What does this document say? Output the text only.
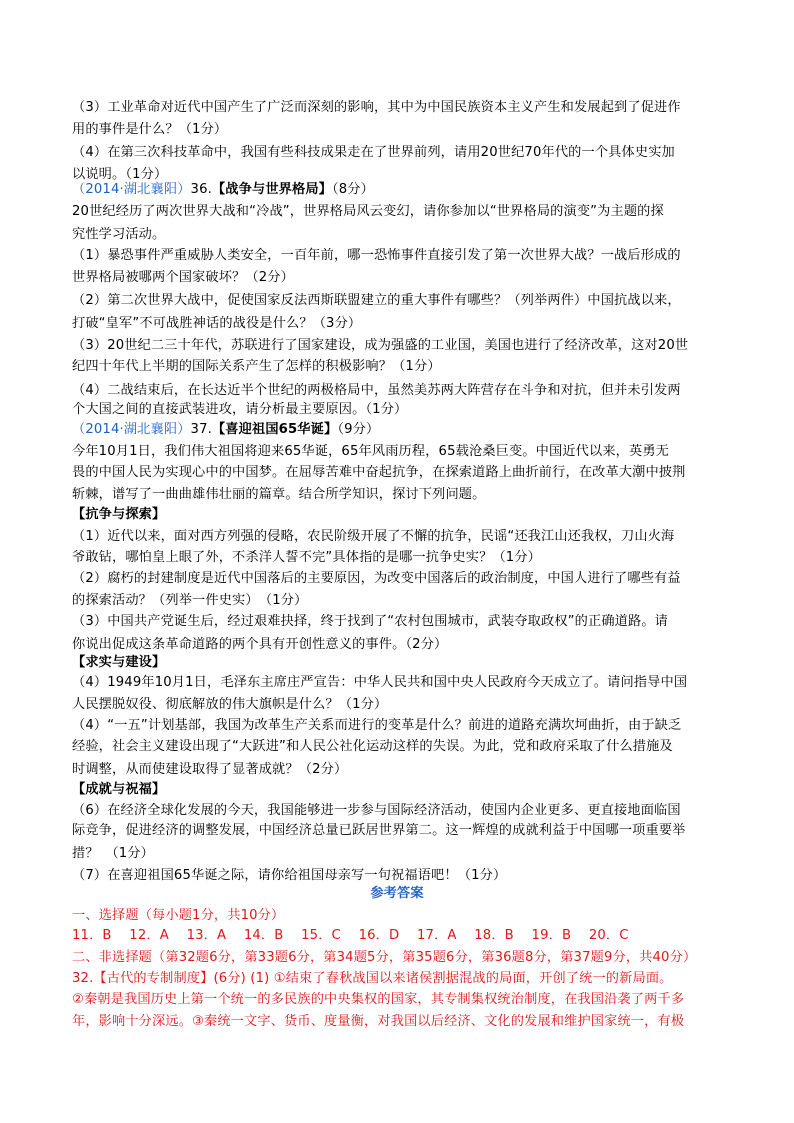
（3）工业革命对近代中国产生了广泛而深刻的影响，其中为中国民族资本主义产生和发展起到了促进作
用的事件是什么？（1分）
（4）在第三次科技革命中，我国有些科技成果走在了世界前列，请用20世纪70年代的一个具体史实加
以说明。（1分）
（2014·湖北襄阳）36.【战争与世界格局】（8分）
20世纪经历了两次世界大战和“冷战”，世界格局风云变幻，请你参加以“世界格局的演变”为主题的探
究性学习活动。
（1）暴恐事件严重威胁人类安全，一百年前，哪一恐怖事件直接引发了第一次世界大战？一战后形成的
世界格局被哪两个国家破坏？（2分）
（2）第二次世界大战中，促使国家反法西斯联盟建立的重大事件有哪些？（列举两件）中国抗战以来，
打破“皇军”不可战胜神话的战役是什么？（3分）
（3）20世纪二三十年代，苏联进行了国家建设，成为强盛的工业国，美国也进行了经济改革，这对20世
纪四十年代上半期的国际关系产生了怎样的积极影响？（1分）
（4）二战结束后，在长达近半个世纪的两极格局中，虽然美苏两大阵营存在斗争和对抗，但并未引发两
个大国之间的直接武装进攻，请分析最主要原因。（1分）
（2014·湖北襄阳）37.【喜迎祖国65华诞】（9分）
今年10月1日，我们伟大祖国将迎来65华诞，65年风雨历程，65载沧桑巨变。中国近代以来，英勇无
畏的中国人民为实现心中的中国梦。在屈辱苦难中奋起抗争，在探索道路上曲折前行，在改革大潮中披荆
斩棘，谱写了一曲曲雄伟壮丽的篇章。结合所学知识，探讨下列问题。
【抗争与探索】
（1）近代以来，面对西方列强的侵略，农民阶级开展了不懈的抗争，民谣“还我江山还我权，刀山火海
爷敢钻，哪怕皇上眼了外，不杀洋人誓不完”具体指的是哪一抗争史实？（1分）
（2）腐朽的封建制度是近代中国落后的主要原因，为改变中国落后的政治制度，中国人进行了哪些有益
的探索活动？（列举一件史实）　（1分）
（3）中国共产党诞生后，经过艰难抉择，终于找到了“农村包围城市，武装夺取政权”的正确道路。请
你说出促成这条革命道路的两个具有开创性意义的事件。（2分）
【求实与建设】
（4）1949年10月1日，毛泽东主席庄严宣告：中华人民共和国中央人民政府今天成立了。请问指导中国
人民摆脱奴役、彻底解放的伟大旗帜是什么？（1分）
（4）“一五”计划基部，我国为改革生产关系而进行的变革是什么？前进的道路充满坎坷曲折，由于缺乏
经验，社会主义建设出现了“大跃进”和人民公社化运动这样的失误。为此，党和政府采取了什么措施及
时调整，从而使建设取得了显著成就？（2分）
【成就与祝福】
（6）在经济全球化发展的今天，我国能够进一步参与国际经济活动，使国内企业更多、更直接地面临国
际竞争，促进经济的调整发展，中国经济总量已跃居世界第二。这一辉煌的成就利益于中国哪一项重要举
措？　（1分）
（7）在喜迎祖国65华诞之际，请你给祖国母亲写一句祝福语吧！（1分）
参考答案
一、选择题（每小题1分，共10分）
11．B　 12．A　 13．A　 14．B　 15．C　 16．D　 17．A　 18．B　 19．B　 20．C
二、非选择题（第32题6分，第33题6分，第34题5分，第35题6分，第36题8分，第37题9分，共40分）
32.【古代的专制制度】(6分) (1) ①结束了春秋战国以来诸侯割据混战的局面，开创了统一的新局面。
②秦朝是我国历史上第一个统一的多民族的中央集权的国家，其专制集权统治制度，在我国沿袭了两千多
年，影响十分深远。③秦统一文字、货币、度量衡，对我国以后经济、文化的发展和维护国家统一，有极
